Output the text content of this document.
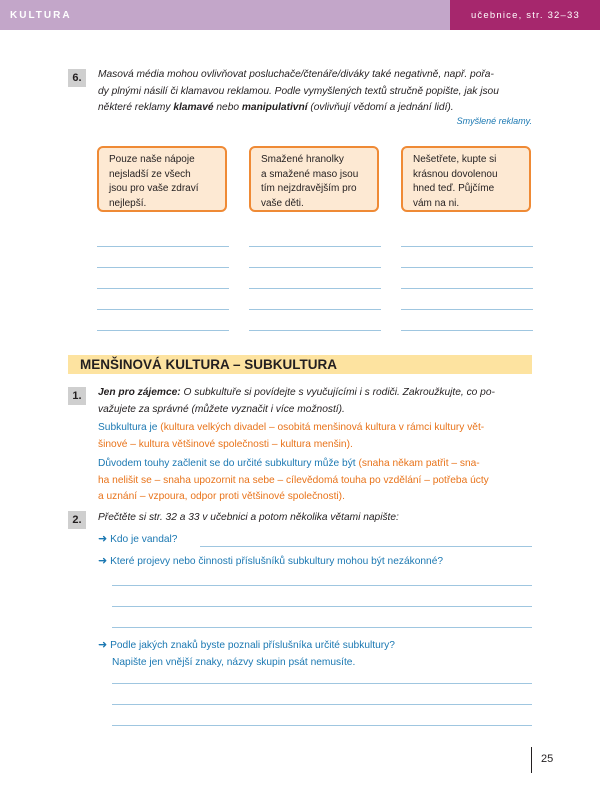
KULTURA	učebnice, str. 32–33
6.	Masová média mohou ovlivňovat posluchače/čtenáře/diváky také negativně, např. pořa-
dy plnými násilí či klamavou reklamou. Podle vymyšlených textů stručně popište, jak jsou
některé reklamy klamavé nebo manipulativní (ovlivňují vědomí a jednání lidí).
Smyšlené reklamy.
Pouze naše nápoje
nejsladší ze všech
jsou pro vaše zdraví
nejlepší.
Smažené hranolky
a smažené maso jsou
tím nejzdravějším pro
vaše děti.
Nešetřete, kupte si
krásnou dovolenou
hned teď. Půjčíme
vám na ni.
MENŠINOVÁ KULTURA – SUBKULTURA
1.	Jen pro zájemce: O subkultuře si povídejte s vyučujícími i s rodiči. Zakroužkujte, co po-
važujete za správné (můžete vyznačit i více možností).
Subkultura je (kultura velkých divadel – osobitá menšinová kultura v rámci kultury vět-
šinové – kultura většinové společnosti – kultura menšin).
Důvodem touhy začlenit se do určité subkultury může být (snaha někam patřit – sna-
ha nelišit se – snaha upozornit na sebe – cílevědomá touha po vzdělání – potřeba úcty
a uznání – vzpoura, odpor proti většinové společnosti).
2.	Přečtěte si str. 32 a 33 v učebnici a potom několika větami napište:
➜ Kdo je vandal?
➜ Které projevy nebo činnosti příslušníků subkultury mohou být nezákonné?
➜ Podle jakých znaků byste poznali příslušníka určité subkultury?
Napište jen vnější znaky, názvy skupin psát nemusíte.
25
